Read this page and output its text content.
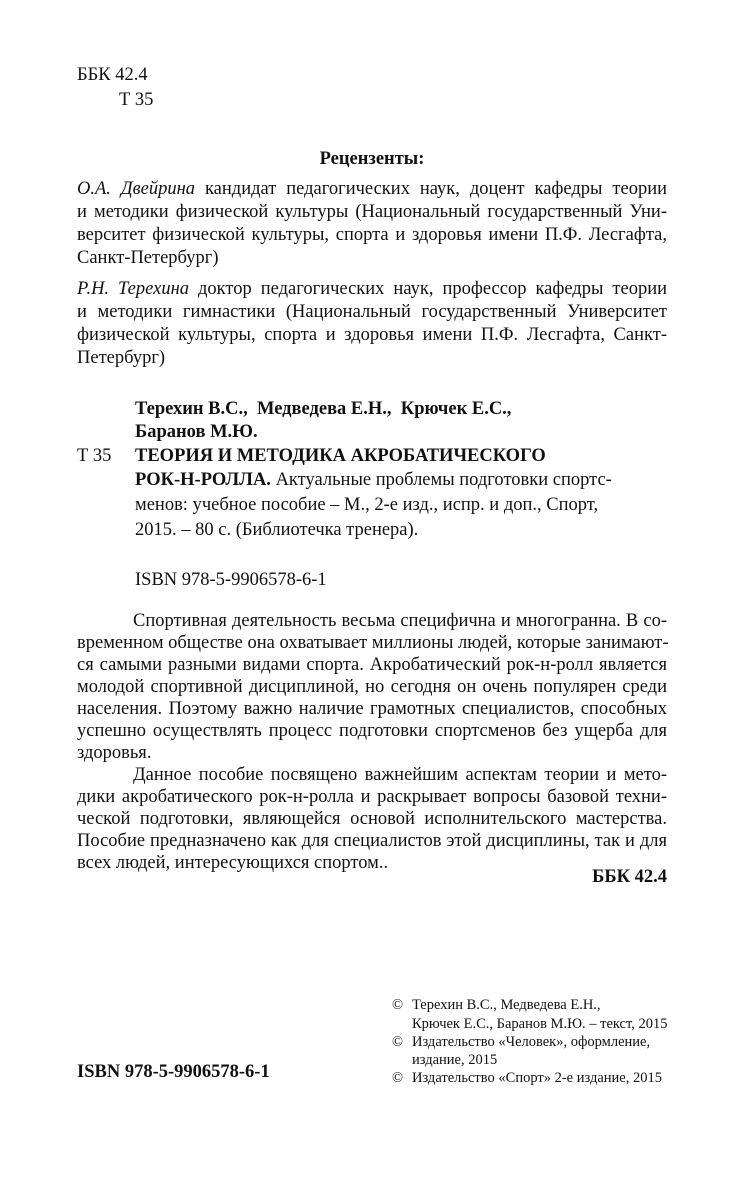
ББК 42.4
Т 35
Рецензенты:
О.А. Двейрина кандидат педагогических наук, доцент кафедры теории
и методики физической культуры (Национальный государственный Уни-
верситет физической культуры, спорта и здоровья имени П.Ф. Лесгафта,
Санкт-Петербург)
Р.Н. Терехина доктор педагогических наук, профессор кафедры теории
и методики гимнастики (Национальный государственный Университет
физической культуры, спорта и здоровья имени П.Ф. Лесгафта, Санкт-
Петербург)
Терехин В.С.,  Медведева Е.Н.,  Крючек Е.С.,
Баранов М.Ю.
Т 35 ТЕОРИЯ И МЕТОДИКА АКРОБАТИЧЕСКОГО
РОК-Н-РОЛЛА. Актуальные проблемы подготовки спортс-
менов: учебное пособие – М., 2-е изд., испр. и доп., Спорт,
2015. – 80 с. (Библиотечка тренера).
ISBN 978-5-9906578-6-1
Спортивная деятельность весьма специфична и многогранна. В со-
временном обществе она охватывает миллионы людей, которые занимают-
ся самыми разными видами спорта. Акробатический рок-н-ролл является
молодой спортивной дисциплиной, но сегодня он очень популярен среди
населения. Поэтому важно наличие грамотных специалистов, способных
успешно осуществлять процесс подготовки спортсменов без ущерба для
здоровья.
Данное пособие посвящено важнейшим аспектам теории и мето-
дики акробатического рок-н-ролла и раскрывает вопросы базовой техни-
ческой подготовки, являющейся основой исполнительского мастерства.
Пособие предназначено как для специалистов этой дисциплины, так и для
всех людей, интересующихся спортом..
ББК 42.4
ISBN 978-5-9906578-6-1
© Терехин В.С., Медведева Е.Н.,
Крючек Е.С., Баранов М.Ю. – текст, 2015
© Издательство «Человек», оформление,
издание, 2015
© Издательство «Спорт» 2-е издание, 2015
